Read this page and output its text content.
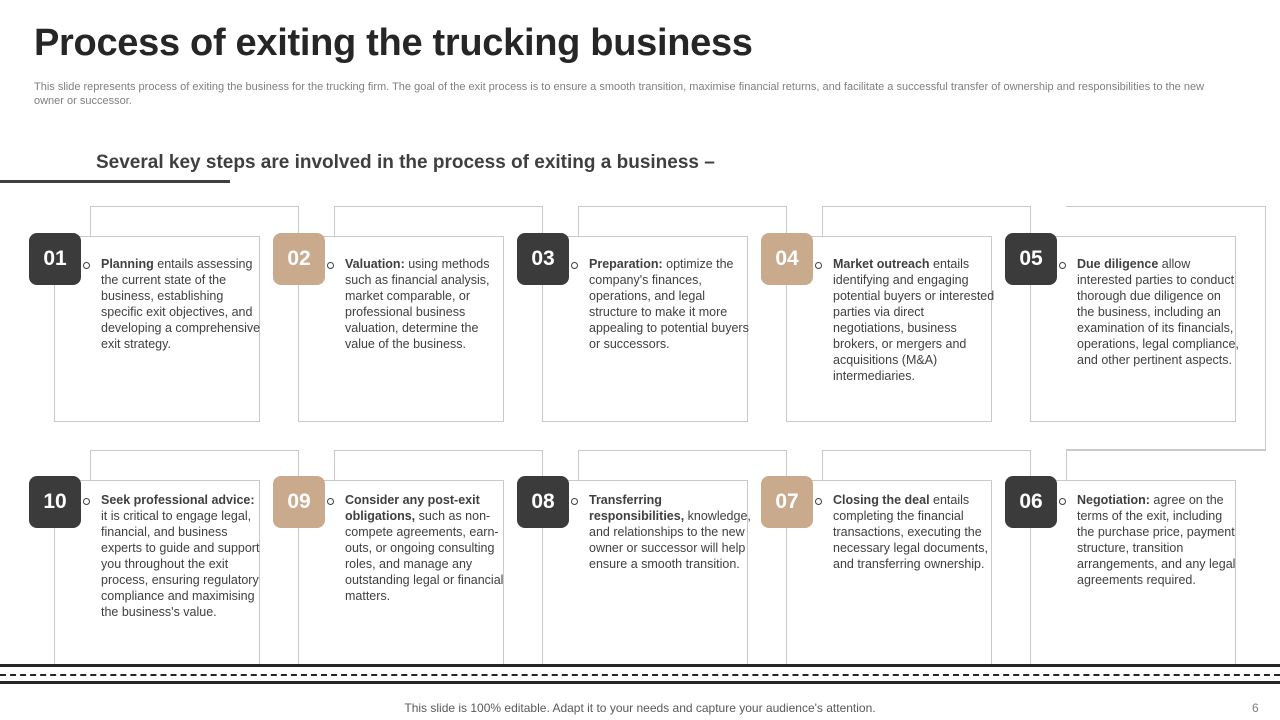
Process of exiting the trucking business
This slide represents process of exiting the business for the trucking firm. The goal of the exit process is to ensure a smooth transition, maximise financial returns, and facilitate a successful transfer of ownership and responsibilities to the new owner or successor.
Several key steps are involved in the process of exiting a business –
01	Planning entails assessing the current state of the business, establishing specific exit objectives, and developing a comprehensive exit strategy.
02	Valuation: using methods such as financial analysis, market comparable, or professional business valuation, determine the value of the business.
03	Preparation: optimize the company's finances, operations, and legal structure to make it more appealing to potential buyers or successors.
04	Market outreach entails identifying and engaging potential buyers or interested parties via direct negotiations, business brokers, or mergers and acquisitions (M&A) intermediaries.
05	Due diligence allow interested parties to conduct thorough due diligence on the business, including an examination of its financials, operations, legal compliance, and other pertinent aspects.
10	Seek professional advice: it is critical to engage legal, financial, and business experts to guide and support you throughout the exit process, ensuring regulatory compliance and maximising the business's value.
09	Consider any post-exit obligations, such as non-compete agreements, earn-outs, or ongoing consulting roles, and manage any outstanding legal or financial matters.
08	Transferring responsibilities, knowledge, and relationships to the new owner or successor will help ensure a smooth transition.
07	Closing the deal entails completing the financial transactions, executing the necessary legal documents, and transferring ownership.
06	Negotiation: agree on the terms of the exit, including the purchase price, payment structure, transition arrangements, and any legal agreements required.
This slide is 100% editable. Adapt it to your needs and capture your audience's attention.	6
